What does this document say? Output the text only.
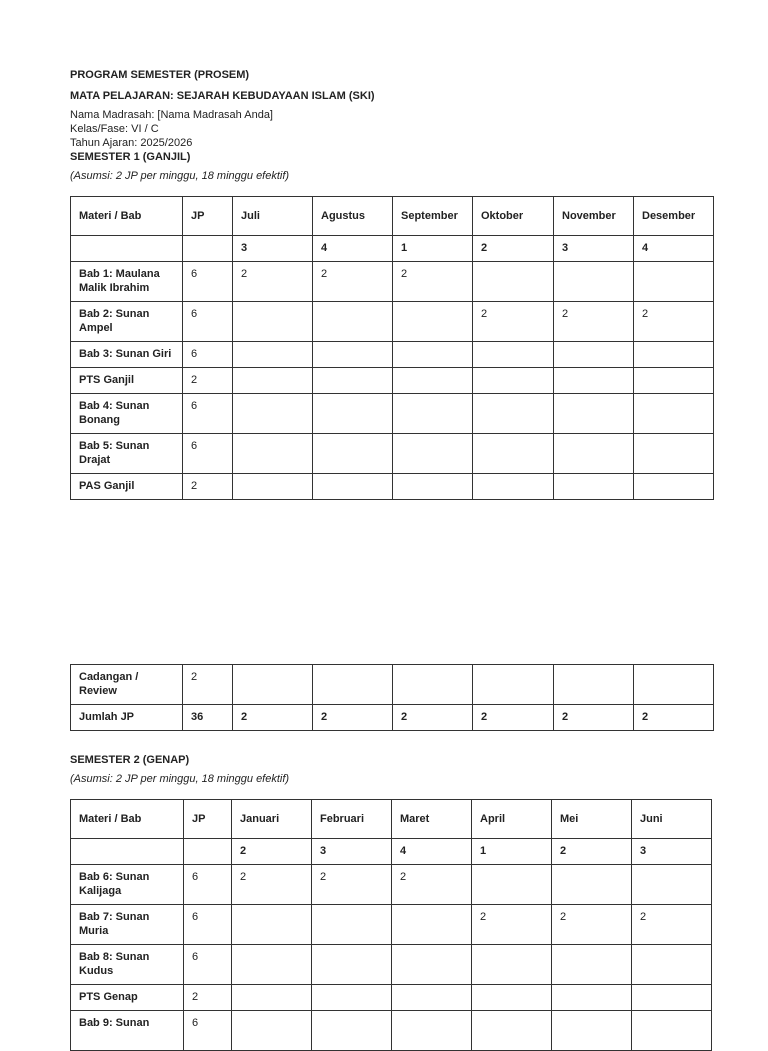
PROGRAM SEMESTER (PROSEM)
MATA PELAJARAN: SEJARAH KEBUDAYAAN ISLAM (SKI)
Nama Madrasah: [Nama Madrasah Anda]
Kelas/Fase: VI / C
Tahun Ajaran: 2025/2026
SEMESTER 1 (GANJIL)
(Asumsi: 2 JP per minggu, 18 minggu efektif)
Materi / Bab	JP	Juli	Agustus	September	Oktober	November	Desember
		3	4	1	2	3	4
Bab 1: Maulana Malik Ibrahim	6	2	2	2			
Bab 2: Sunan Ampel	6				2	2	2
Bab 3: Sunan Giri	6						
PTS Ganjil	2						
Bab 4: Sunan Bonang	6						
Bab 5: Sunan Drajat	6						
PAS Ganjil	2						
Cadangan / Review	2						
Jumlah JP	36	2	2	2	2	2	2
SEMESTER 2 (GENAP)
(Asumsi: 2 JP per minggu, 18 minggu efektif)
Materi / Bab	JP	Januari	Februari	Maret	April	Mei	Juni
		2	3	4	1	2	3
Bab 6: Sunan Kalijaga	6	2	2	2			
Bab 7: Sunan Muria	6				2	2	2
Bab 8: Sunan Kudus	6						
PTS Genap	2						
Bab 9: Sunan	6						
